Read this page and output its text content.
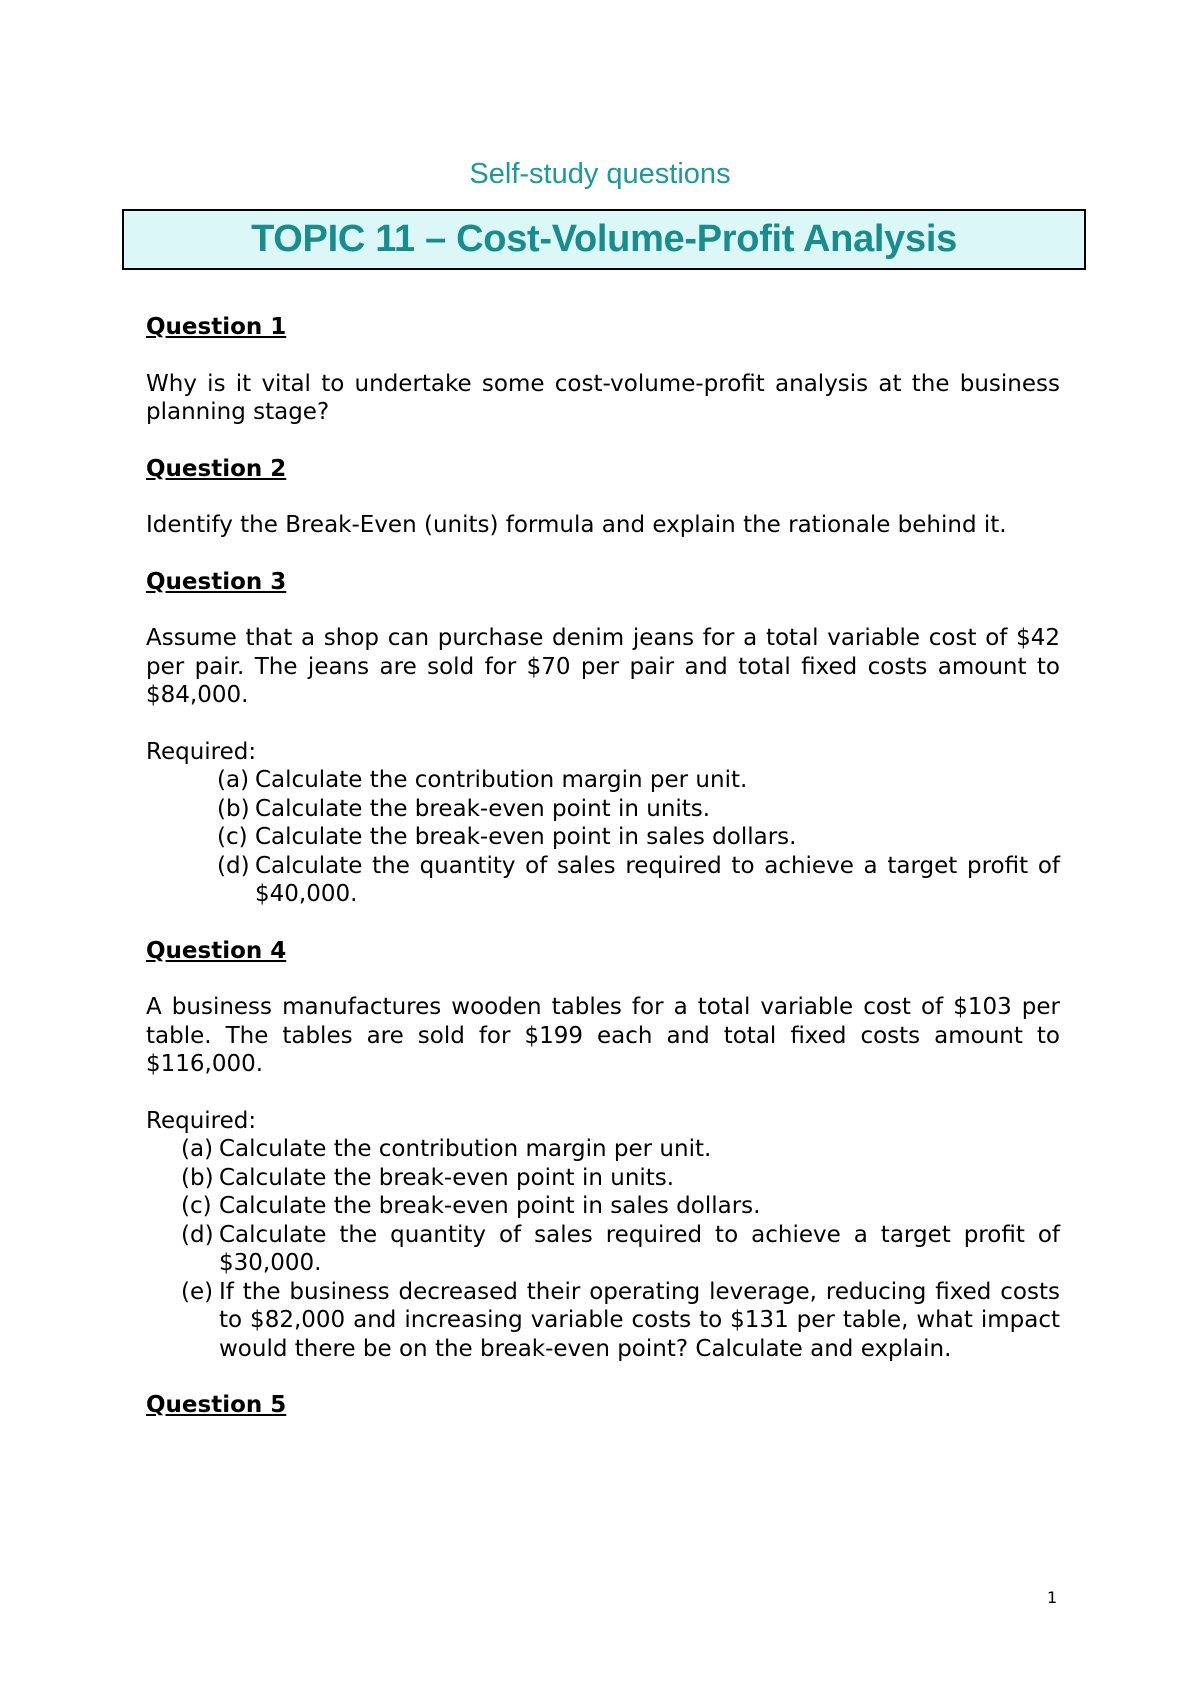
Self-study questions
TOPIC 11 – Cost-Volume-Profit Analysis

Question 1

Why is it vital to undertake some cost-volume-profit analysis at the business planning stage?

Question 2

Identify the Break-Even (units) formula and explain the rationale behind it.

Question 3

Assume that a shop can purchase denim jeans for a total variable cost of $42 per pair. The jeans are sold for $70 per pair and total fixed costs amount to $84,000.

Required:

(a) Calculate the contribution margin per unit.
(b) Calculate the break-even point in units.
(c) Calculate the break-even point in sales dollars.
(d) Calculate the quantity of sales required to achieve a target profit of $40,000.

Question 4

A business manufactures wooden tables for a total variable cost of $103 per table. The tables are sold for $199 each and total fixed costs amount to $116,000.

Required:

(a) Calculate the contribution margin per unit.
(b) Calculate the break-even point in units.
(c) Calculate the break-even point in sales dollars.
(d) Calculate the quantity of sales required to achieve a target profit of $30,000.
(e) If the business decreased their operating leverage, reducing fixed costs to $82,000 and increasing variable costs to $131 per table, what impact would there be on the break-even point? Calculate and explain.

Question 5

1
